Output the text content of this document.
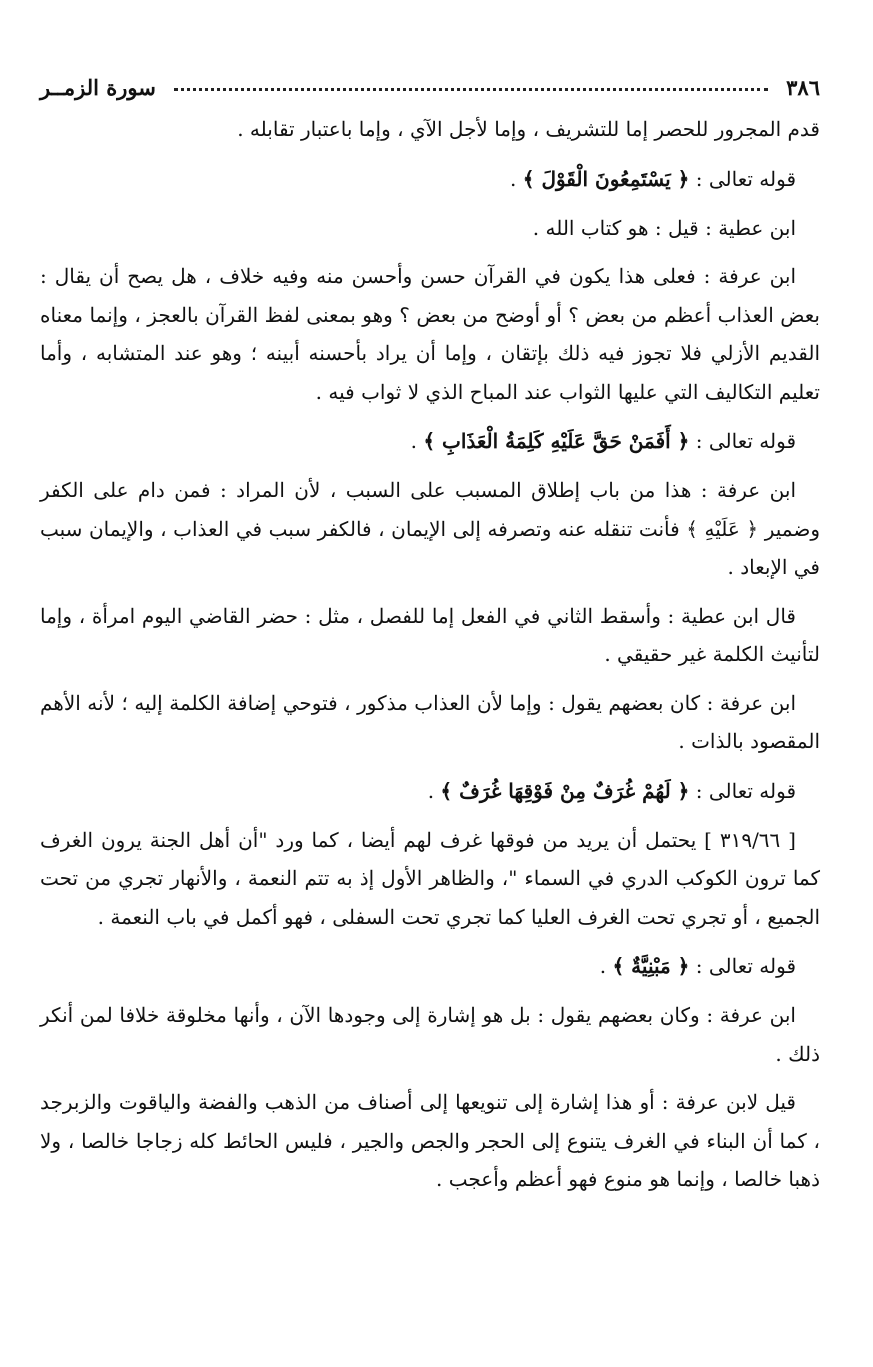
٣٨٦
سورة الزمــر

قدم المجرور للحصر إما للتشريف ، وإما لأجل الآي ، وإما باعتبار تقابله .

قوله تعالى : ﴿ يَسْتَمِعُونَ الْقَوْلَ ﴾ .

ابن عطية : قيل : هو كتاب الله .

ابن عرفة : فعلى هذا يكون في القرآن حسن وأحسن منه وفيه خلاف ، هل يصح أن يقال : بعض العذاب أعظم من بعض ؟ أو أوضح من بعض ؟ وهو بمعنى لفظ القرآن بالعجز ، وإنما معناه القديم الأزلي فلا تجوز فيه ذلك بإتقان ، وإما أن يراد بأحسنه أبينه ؛ وهو عند المتشابه ، وأما تعليم التكاليف التي عليها الثواب عند المباح الذي لا ثواب فيه .

قوله تعالى : ﴿ أَفَمَنْ حَقَّ عَلَيْهِ كَلِمَةُ الْعَذَابِ ﴾ .

ابن عرفة : هذا من باب إطلاق المسبب على السبب ، لأن المراد : فمن دام على الكفر وضمير ﴿ عَلَيْهِ ﴾ فأنت تنقله عنه وتصرفه إلى الإيمان ، فالكفر سبب في العذاب ، والإيمان سبب في الإبعاد .

قال ابن عطية : وأسقط الثاني في الفعل إما للفصل ، مثل : حضر القاضي اليوم امرأة ، وإما لتأنيث الكلمة غير حقيقي .

ابن عرفة : كان بعضهم يقول : وإما لأن العذاب مذكور ، فتوحي إضافة الكلمة إليه ؛ لأنه الأهم المقصود بالذات .

قوله تعالى : ﴿ لَهُمْ غُرَفٌ مِنْ فَوْقِهَا غُرَفٌ ﴾ .

[ ٣١٩/٦٦ ] يحتمل أن يريد من فوقها غرف لهم أيضا ، كما ورد "أن أهل الجنة يرون الغرف كما ترون الكوكب الدري في السماء "، والظاهر الأول إذ به تتم النعمة ، والأنهار تجري من تحت الجميع ، أو تجري تحت الغرف العليا كما تجري تحت السفلى ، فهو أكمل في باب النعمة .

قوله تعالى : ﴿ مَبْنِيَّةٌ ﴾ .

ابن عرفة : وكان بعضهم يقول : بل هو إشارة إلى وجودها الآن ، وأنها مخلوقة خلافا لمن أنكر ذلك .

قيل لابن عرفة : أو هذا إشارة إلى تنويعها إلى أصناف من الذهب والفضة والياقوت والزبرجد ، كما أن البناء في الغرف يتنوع إلى الحجر والجص والجير ، فليس الحائط كله زجاجا خالصا ، ولا ذهبا خالصا ، وإنما هو منوع فهو أعظم وأعجب .
